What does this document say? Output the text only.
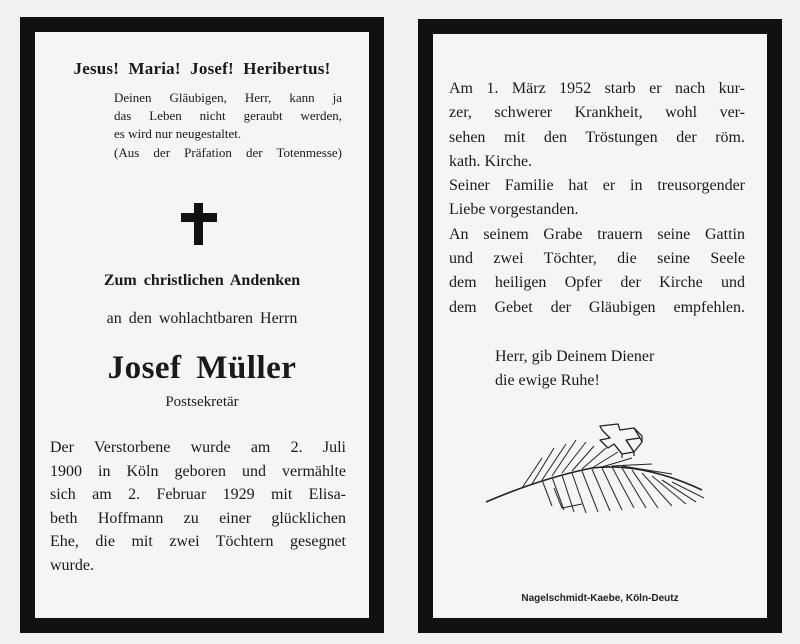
Jesus! Maria! Josef! Heribertus!

Deinen Gläubigen, Herr, kann ja
das Leben nicht geraubt werden,
es wird nur neugestaltet.

(Aus der Präfation der Totenmesse)

Zum christlichen Andenken

an den wohlachtbaren Herrn

Josef Müller

Postsekretär

Der Verstorbene wurde am 2. Juli
1900 in Köln geboren und vermählte
sich am 2. Februar 1929 mit Elisa-
beth Hoffmann zu einer glücklichen
Ehe, die mit zwei Töchtern gesegnet
wurde.
Am 1. März 1952 starb er nach kur-
zer, schwerer Krankheit, wohl ver-
sehen mit den Tröstungen der röm.
kath. Kirche.
Seiner Familie hat er in treusorgender
Liebe vorgestanden.
An seinem Grabe trauern seine Gattin
und zwei Töchter, die seine Seele
dem heiligen Opfer der Kirche und
dem Gebet der Gläubigen empfehlen.
Herr, gib Deinem Diener
die ewige Ruhe!

Nagelschmidt-Kaebe, Köln-Deutz
